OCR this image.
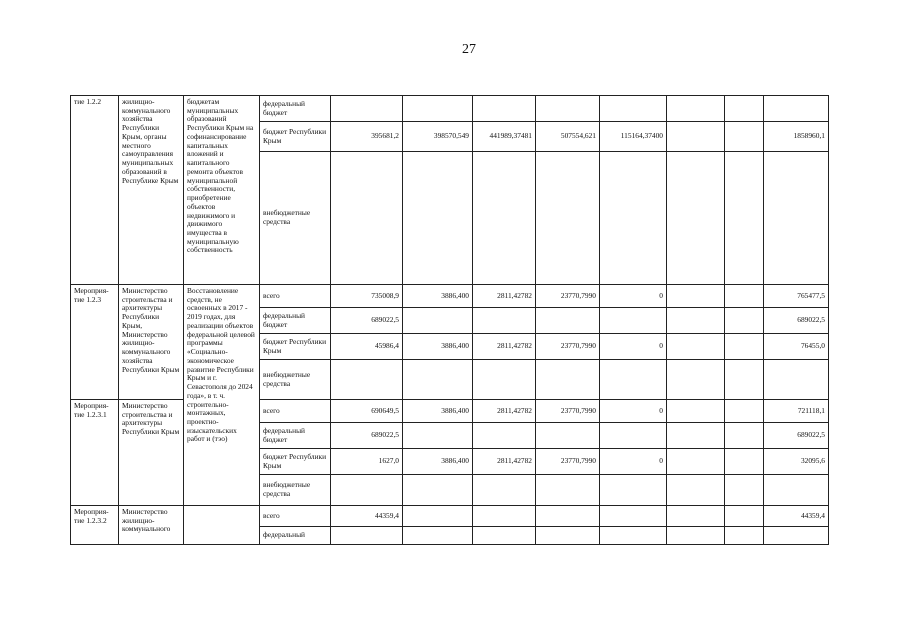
27
тие 1.2.2	жилищно-коммунального хозяйства Республики Крым, органы местного самоуправления муниципальных образований в Республике Крым	бюджетам муниципальных образований Республики Крым на софинансирование капитальных вложений и капитального ремонта объектов муниципальной собственности, приобретение объектов недвижимого и движимого имущества в муниципальную собственность	федеральный бюджет								
			бюджет Республики Крым	395681,2	398570,549	441989,37481	507554,621	115164,37400			1858960,1
			внебюджетные средства								
Мероприя-тие 1.2.3	Министерство строительства и архитектуры Республики Крым, Министерство жилищно-коммунального хозяйства Республики Крым	Восстановление средств, не освоенных в 2017 - 2019 годах, для реализации объектов федеральной целевой программы «Социально-экономическое развитие Республики Крым и г. Севастополя до 2024 года», в т. ч. строительно-монтажных, проектно-изыскательских работ и (тэо)	всего	735008,9	3886,400	2811,42782	23770,7990	0			765477,5
			федеральный бюджет	689022,5							689022,5
			бюджет Республики Крым	45986,4	3886,400	2811,42782	23770,7990	0			76455,0
			внебюджетные средства								
Мероприя-тие 1.2.3.1	Министерство строительства и архитектуры Республики Крым		всего	690649,5	3886,400	2811,42782	23770,7990	0			721118,1
			федеральный бюджет	689022,5							689022,5
			бюджет Республики Крым	1627,0	3886,400	2811,42782	23770,7990	0			32095,6
			внебюджетные средства								
Мероприя-тие 1.2.3.2	Министерство жилищно-коммунального		всего	44359,4							44359,4
			федеральный								
